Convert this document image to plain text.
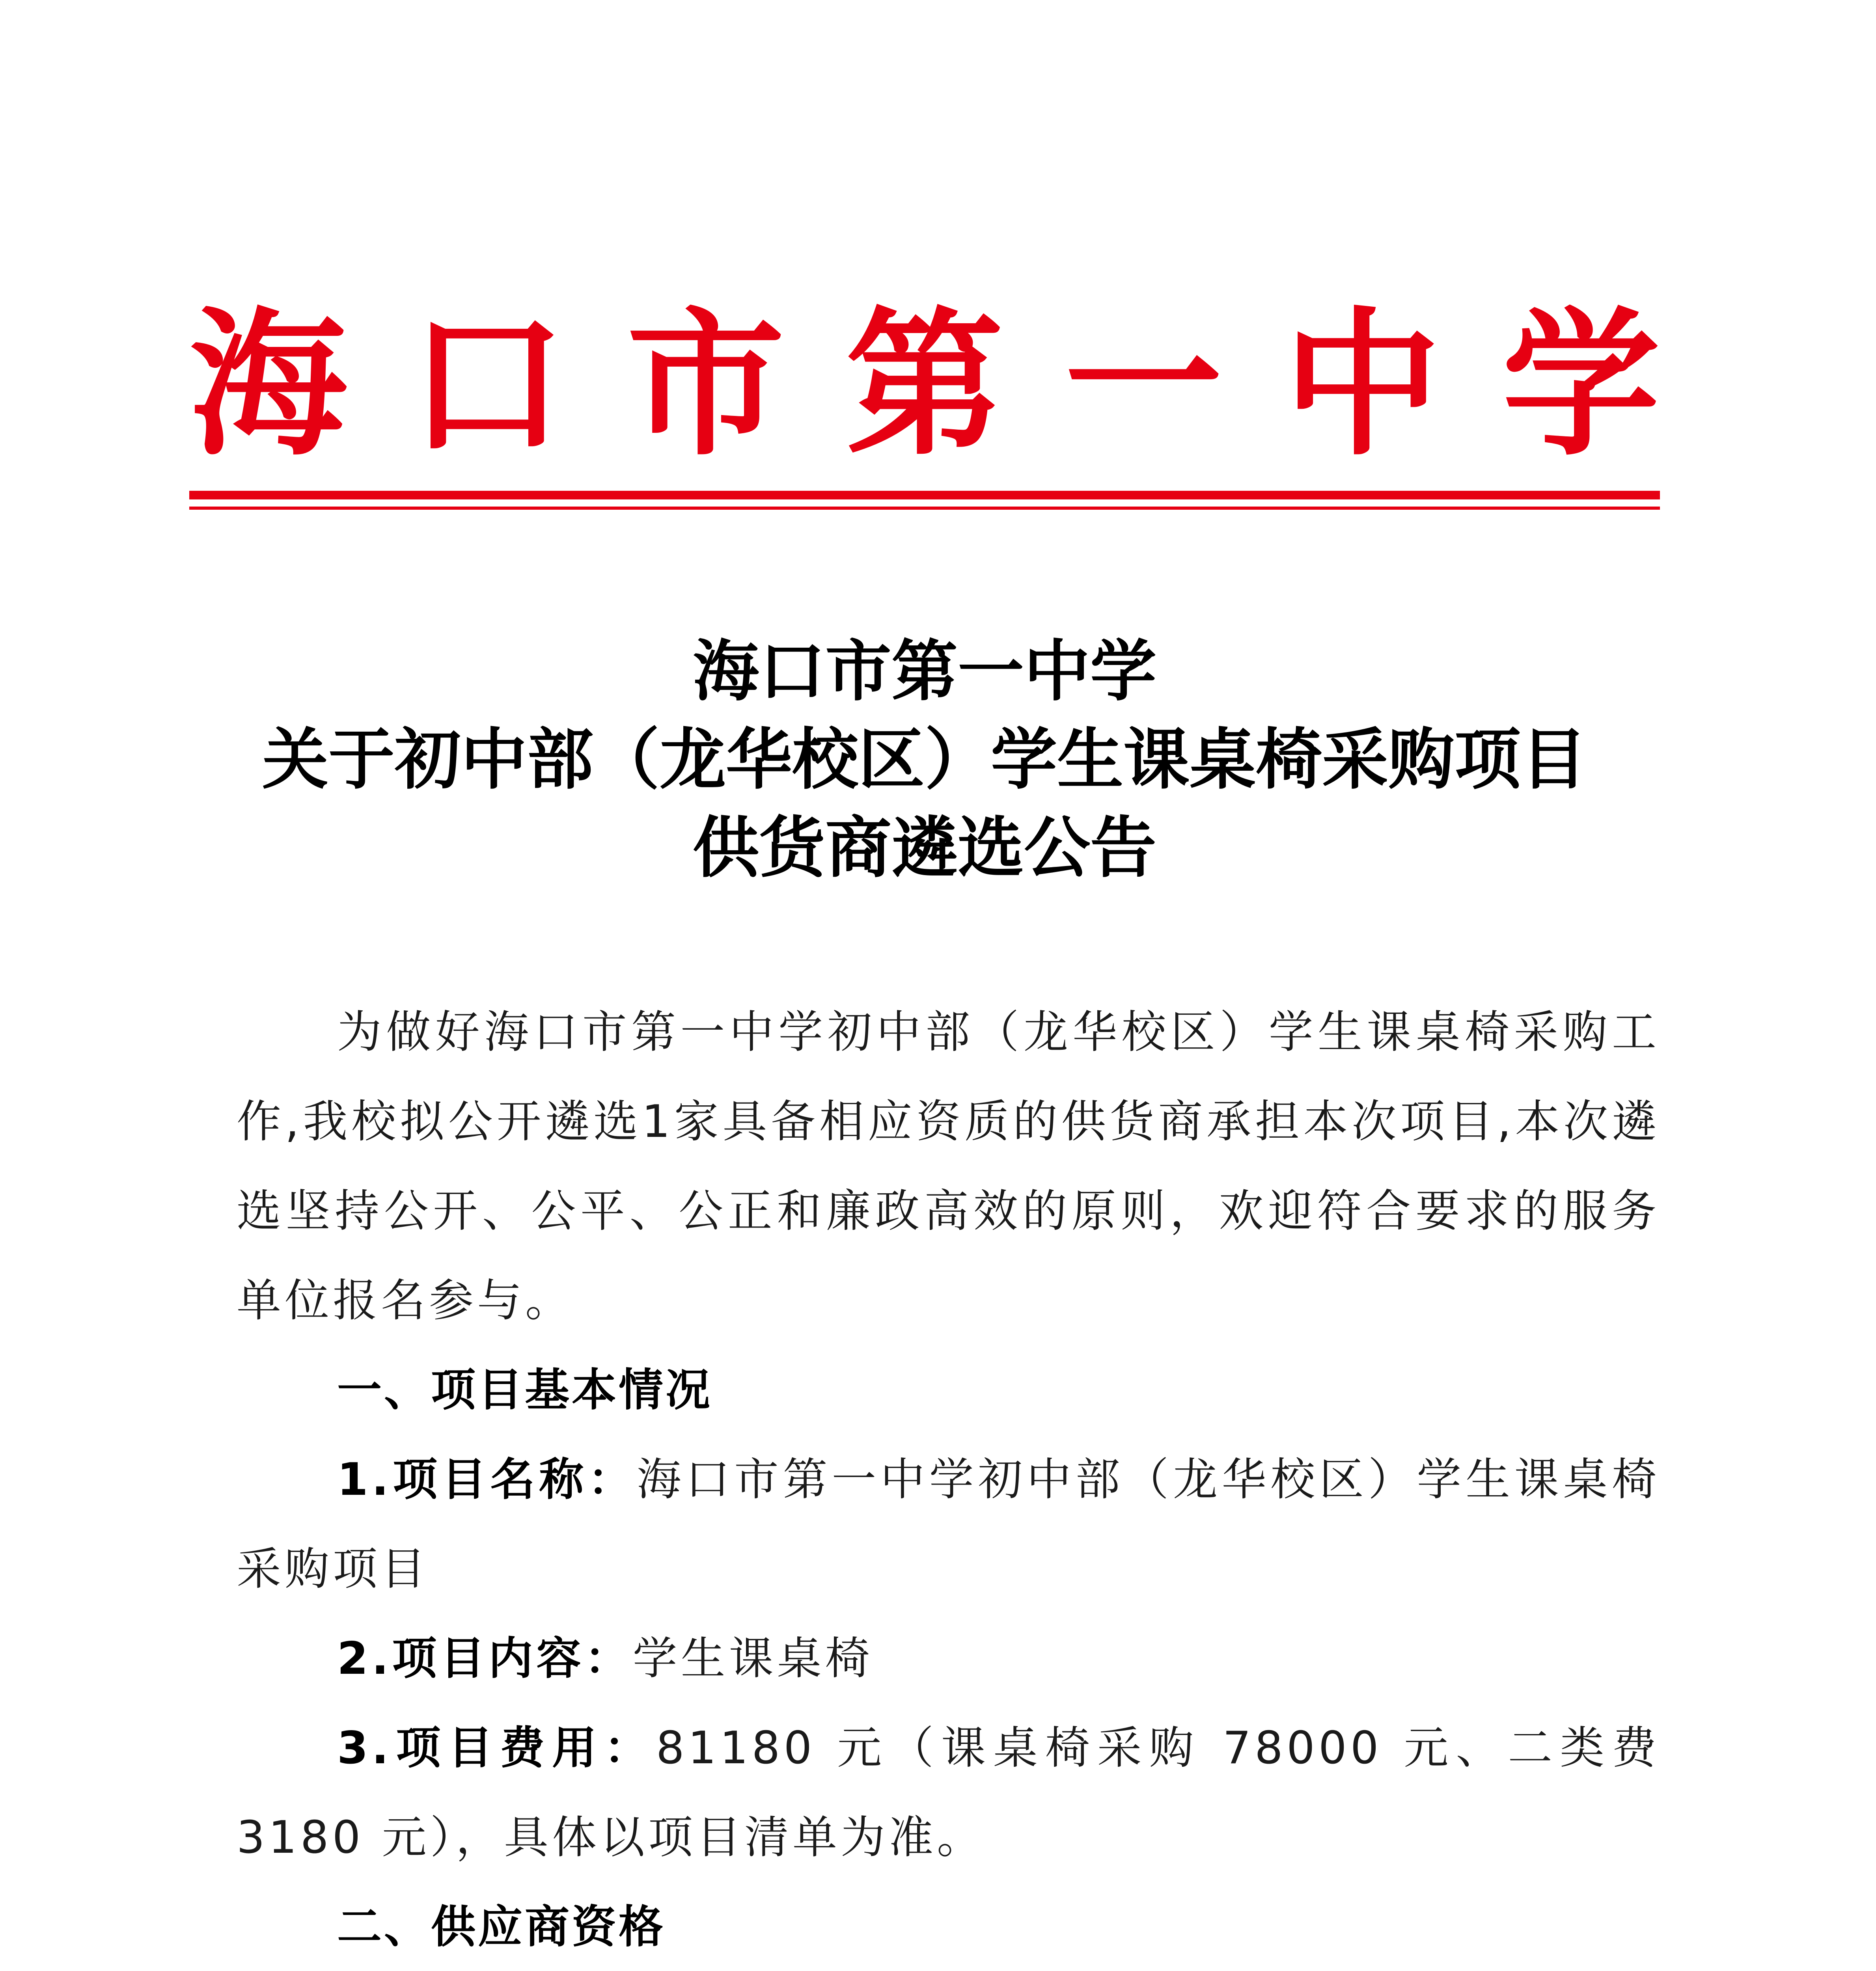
海 口 市 第 一 中 学
海口市第一中学
关于初中部（龙华校区）学生课桌椅采购项目
供货商遴选公告

为做好海口市第一中学初中部（龙华校区）学生课桌椅采购工作,我校拟公开遴选1家具备相应资质的供货商承担本次项目,本次遴选坚持公开、公平、公正和廉政高效的原则，欢迎符合要求的服务单位报名参与。

一、项目基本情况

1.项目名称：海口市第一中学初中部（龙华校区）学生课桌椅采购项目

2.项目内容：学生课桌椅

3.项目费用：81180 元（课桌椅采购 78000 元、二类费 3180 元），具体以项目清单为准。

二、供应商资格
